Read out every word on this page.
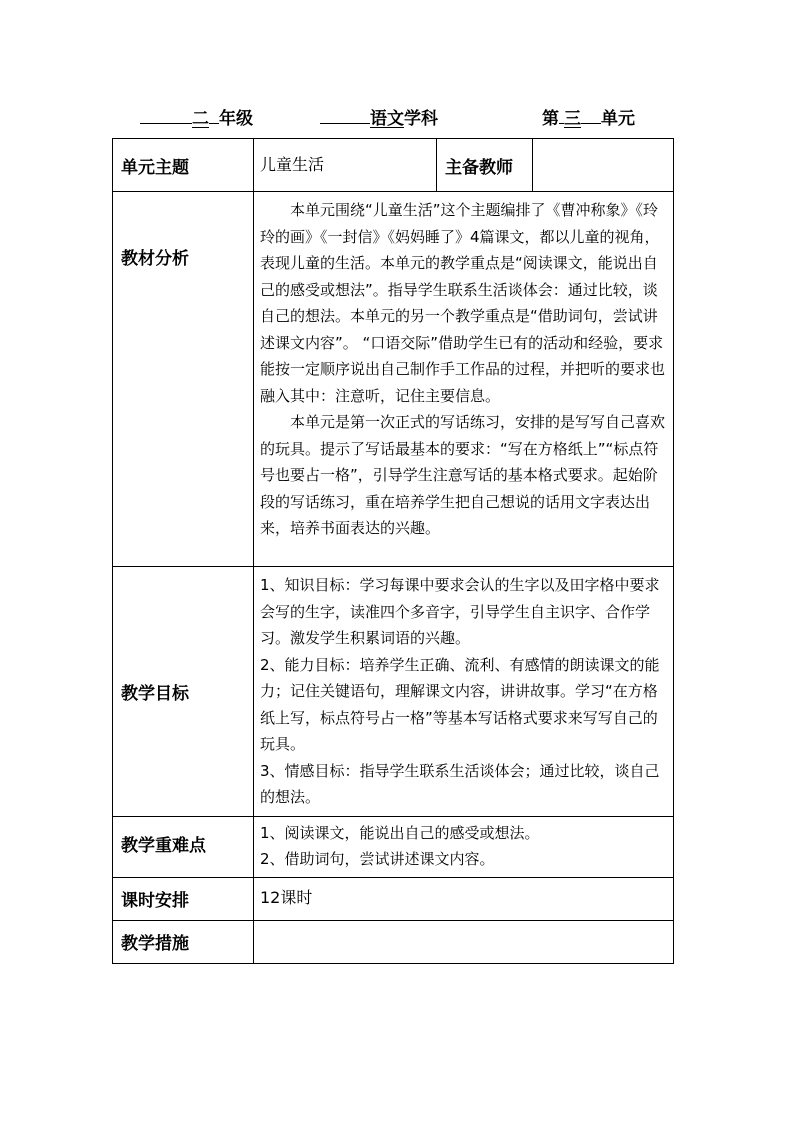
二 年级	语文学科	第 三 单元
单元主题	儿童生活	主备教师	
教材分析	本单元围绕“儿童生活”这个主题编排了《曹冲称象》《玲玲的画》《一封信》《妈妈睡了》4篇课文，都以儿童的视角，表现儿童的生活。本单元的教学重点是“阅读课文，能说出自己的感受或想法”。指导学生联系生活谈体会：通过比较，谈自己的想法。本单元的另一个教学重点是“借助词句，尝试讲述课文内容”。 “口语交际”借助学生已有的活动和经验，要求能按一定顺序说出自己制作手工作品的过程，并把听的要求也融入其中：注意听，记住主要信息。

本单元是第一次正式的写话练习，安排的是写写自己喜欢的玩具。提示了写话最基本的要求：“写在方格纸上”“标点符号也要占一格”，引导学生注意写话的基本格式要求。起始阶段的写话练习，重在培养学生把自己想说的话用文字表达出来，培养书面表达的兴趣。		

教学目标	1、知识目标：学习每课中要求会认的生字以及田字格中要求会写的生字，读准四个多音字，引导学生自主识字、合作学习。激发学生积累词语的兴趣。

2、能力目标：培养学生正确、流利、有感情的朗读课文的能力；记住关键语句，理解课文内容，讲讲故事。学习“在方格纸上写，标点符号占一格”等基本写话格式要求来写写自己的玩具。

3、情感目标：指导学生联系生活谈体会；通过比较，谈自己的想法。		

教学重难点	1、阅读课文，能说出自己的感受或想法。

2、借助词句，尝试讲述课文内容。		

课时安排	12课时		
教学措施			
